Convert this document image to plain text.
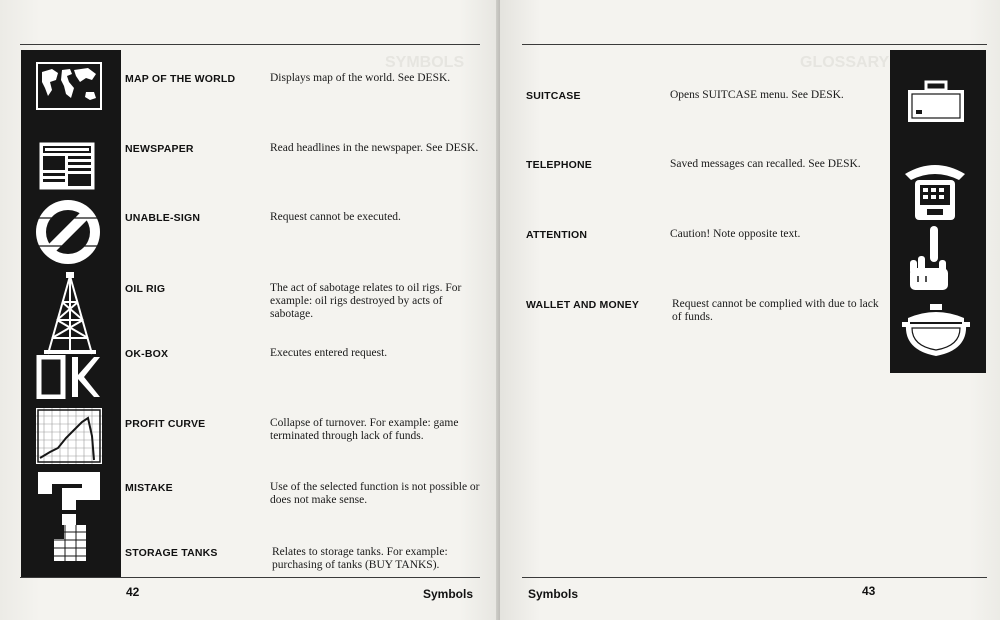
SYMBOLS
MAP OF THE WORLD	Displays map of the world. See DESK.
NEWSPAPER	Read headlines in the newspaper. See DESK.
UNABLE-SIGN	Request cannot be executed.
OIL RIG	The act of sabotage relates to oil rigs. For example: oil rigs destroyed by acts of sabotage.
OK-BOX	Executes entered request.
PROFIT CURVE	Collapse of turnover. For example: game terminated through lack of funds.
MISTAKE	Use of the selected function is not possible or does not make sense.
STORAGE TANKS	Relates to storage tanks. For example: purchasing of tanks (BUY TANKS).
42	Symbols
GLOSSARY
SUITCASE	Opens SUITCASE menu. See DESK.
TELEPHONE	Saved messages can recalled. See DESK.
ATTENTION	Caution! Note opposite text.
WALLET AND MONEY	Request cannot be complied with due to lack of funds.
Symbols	43
